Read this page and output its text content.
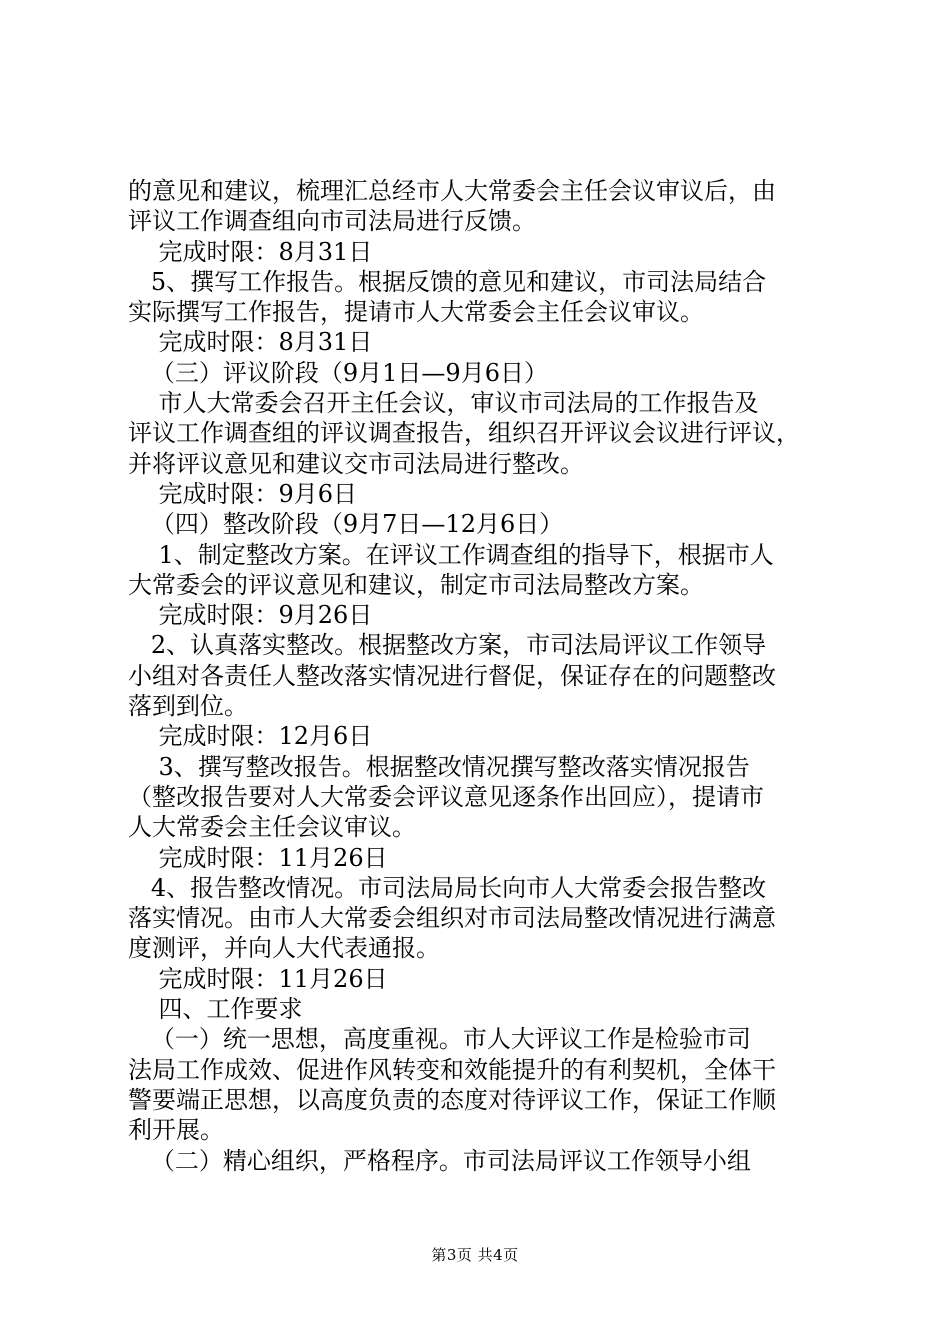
的意见和建议，梳理汇总经市人大常委会主任会议审议后，由
评议工作调查组向市司法局进行反馈。
完成时限：8月31日
5、撰写工作报告。根据反馈的意见和建议，市司法局结合
实际撰写工作报告，提请市人大常委会主任会议审议。
完成时限：8月31日
（三）评议阶段（9月1日—9月6日）
市人大常委会召开主任会议，审议市司法局的工作报告及
评议工作调查组的评议调查报告，组织召开评议会议进行评议，
并将评议意见和建议交市司法局进行整改。
完成时限：9月6日
（四）整改阶段（9月7日—12月6日）
1、制定整改方案。在评议工作调查组的指导下，根据市人
大常委会的评议意见和建议，制定市司法局整改方案。
完成时限：9月26日
2、认真落实整改。根据整改方案，市司法局评议工作领导
小组对各责任人整改落实情况进行督促，保证存在的问题整改
落到到位。
完成时限：12月6日
3、撰写整改报告。根据整改情况撰写整改落实情况报告
（整改报告要对人大常委会评议意见逐条作出回应），提请市
人大常委会主任会议审议。
完成时限：11月26日
4、报告整改情况。市司法局局长向市人大常委会报告整改
落实情况。由市人大常委会组织对市司法局整改情况进行满意
度测评，并向人大代表通报。
完成时限：11月26日
四、工作要求
（一）统一思想，高度重视。市人大评议工作是检验市司
法局工作成效、促进作风转变和效能提升的有利契机，全体干
警要端正思想，以高度负责的态度对待评议工作，保证工作顺
利开展。
（二）精心组织，严格程序。市司法局评议工作领导小组
第3页 共4页
